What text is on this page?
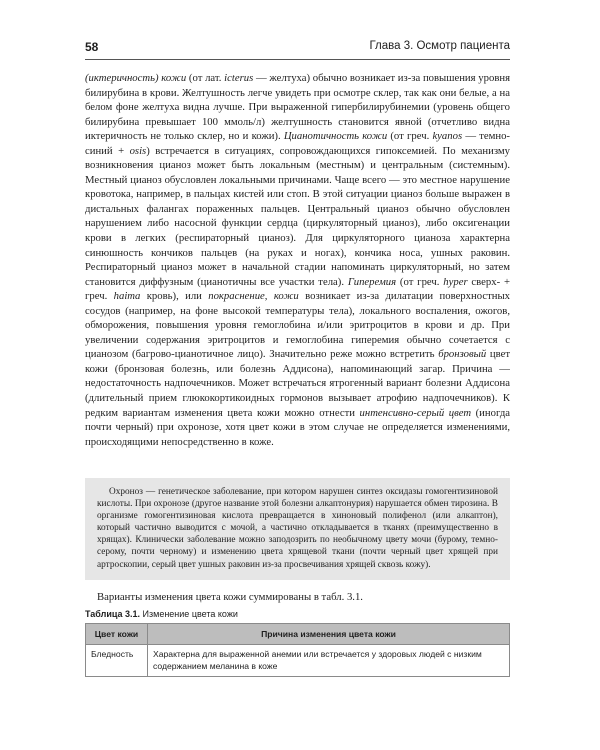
58	Глава 3. Осмотр пациента

(иктеричность) кожи (от лат. icterus — желтуха) обычно возникает из-за повышения уровня билирубина в крови. Желтушность легче увидеть при осмотре склер, так как они белые, а на белом фоне желтуха видна лучше. При выраженной гипербилирубинемии (уровень общего билирубина превышает 100 ммоль/л) желтушность становится явной (отчетливо видна иктеричность не только склер, но и кожи). Цианотичность кожи (от греч. kyanos — темно-синий + osis) встречается в ситуациях, сопровождающихся гипоксемией. По механизму возникновения цианоз может быть локальным (местным) и центральным (системным). Местный цианоз обусловлен локальными причинами. Чаще всего — это местное нарушение кровотока, например, в пальцах кистей или стоп. В этой ситуации цианоз больше выражен в дистальных фалангах пораженных пальцев. Центральный цианоз обычно обусловлен нарушением либо насосной функции сердца (циркуляторный цианоз), либо оксигенации крови в легких (респираторный цианоз). Для циркуляторного цианоза характерна синюшность кончиков пальцев (на руках и ногах), кончика носа, ушных раковин. Респираторный цианоз может в начальной стадии напоминать циркуляторный, но затем становится диффузным (цианотичны все участки тела). Гиперемия (от греч. hyper сверх- + греч. haima кровь), или покраснение, кожи возникает из-за дилатации поверхностных сосудов (например, на фоне высокой температуры тела), локального воспаления, ожогов, обморожения, повышения уровня гемоглобина и/или эритроцитов в крови и др. При увеличении содержания эритроцитов и гемоглобина гиперемия обычно сочетается с цианозом (багрово-цианотичное лицо). Значительно реже можно встретить бронзовый цвет кожи (бронзовая болезнь, или болезнь Аддисона), напоминающий загар. Причина — недостаточность надпочечников. Может встречаться ятрогенный вариант болезни Аддисона (длительный прием глюкокортикоидных гормонов вызывает атрофию надпочечников). К редким вариантам изменения цвета кожи можно отнести интенсивно-серый цвет (иногда почти черный) при охронозе, хотя цвет кожи в этом случае не определяется изменениями, происходящими непосредственно в коже.

Охроноз — генетическое заболевание, при котором нарушен синтез оксидазы гомогентизиновой кислоты. При охронозе (другое название этой болезни алкаптонурия) нарушается обмен тирозина. В организме гомогентизиновая кислота превращается в хиноновый полифенол (или алкаптон), который частично выводится с мочой, а частично откладывается в тканях (преимущественно в хрящах). Клинически заболевание можно заподозрить по необычному цвету мочи (бурому, темно-серому, почти черному) и изменению цвета хрящевой ткани (почти черный цвет хрящей при артроскопии, серый цвет ушных раковин из-за просвечивания хрящей сквозь кожу).

Варианты изменения цвета кожи суммированы в табл. 3.1.
Таблица 3.1. Изменение цвета кожи
Цвет кожи	Причина изменения цвета кожи
Бледность	Характерна для выраженной анемии или встречается у здоровых людей с низким содержанием меланина в коже
